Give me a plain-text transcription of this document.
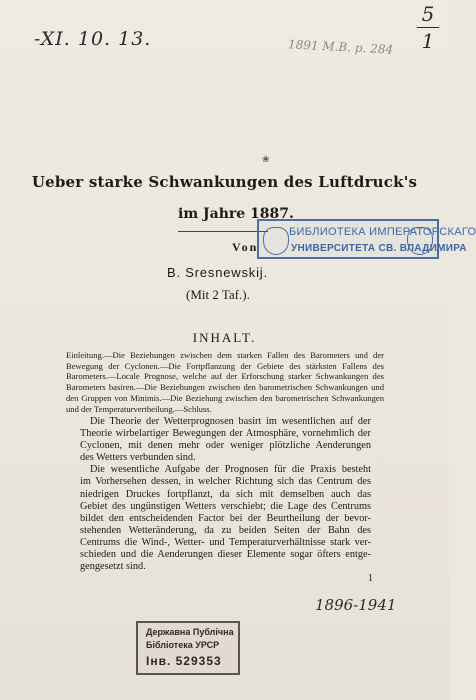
-XI. 10. 13.
5
1
1891 M.B. p. 284
❀
Ueber starke Schwankungen des Luftdruck's
im Jahre 1887.
БИБЛИОТЕКА ИМПЕРАТОРСКАГО
УНИВЕРСИТЕТА СВ. ВЛАДИМИРА
Von
B. Sresnewskij.
(Mit 2 Taf.).
INHALT.
Einleitung.—Die Beziehungen zwischen dem starken Fallen des Barometers und der Bewegung der Cyclonen.—Die Fortpflanzung der Gebiete des stärksten Fallens des Barometers.—Locale Prognose, welche auf der Erforschung starker Schwankungen des Barometers basiren.—Die Beziehungen zwischen den barometrischen Schwankungen und den Gruppen von Minimis.—Die Beziehung zwischen den barometrischen Schwankungen und der Temperaturvertheilung.—Schluss.
Die Theorie der Wetterprognosen basirt im wesentlichen auf der
Theorie wirbelartiger Bewegungen der Atmosphäre, vornehmlich der
Cyclonen, mit denen mehr oder weniger plötzliche Aenderungen
des Wetters verbunden sind.
Die wesentliche Aufgabe der Prognosen für die Praxis besteht
im Vorhersehen dessen, in welcher Richtung sich das Centrum des
niedrigen Druckes fortpflanzt, da sich mit demselben auch das
Gebiet des ungünstigen Wetters verschiebt; die Lage des Centrums
bildet den entscheidenden Factor bei der Beurtheilung der bevor-
stehenden Wetteränderung, da zu beiden Seiten der Bahn des
Centrums die Wind-, Wetter- und Temperaturverhältnisse stark ver-
schieden und die Aenderungen dieser Elemente sogar öfters entge-
gengesetzt sind.
1
1896-1941
Державна Публічна
Бібліотека УРСР
Інв. 529353
